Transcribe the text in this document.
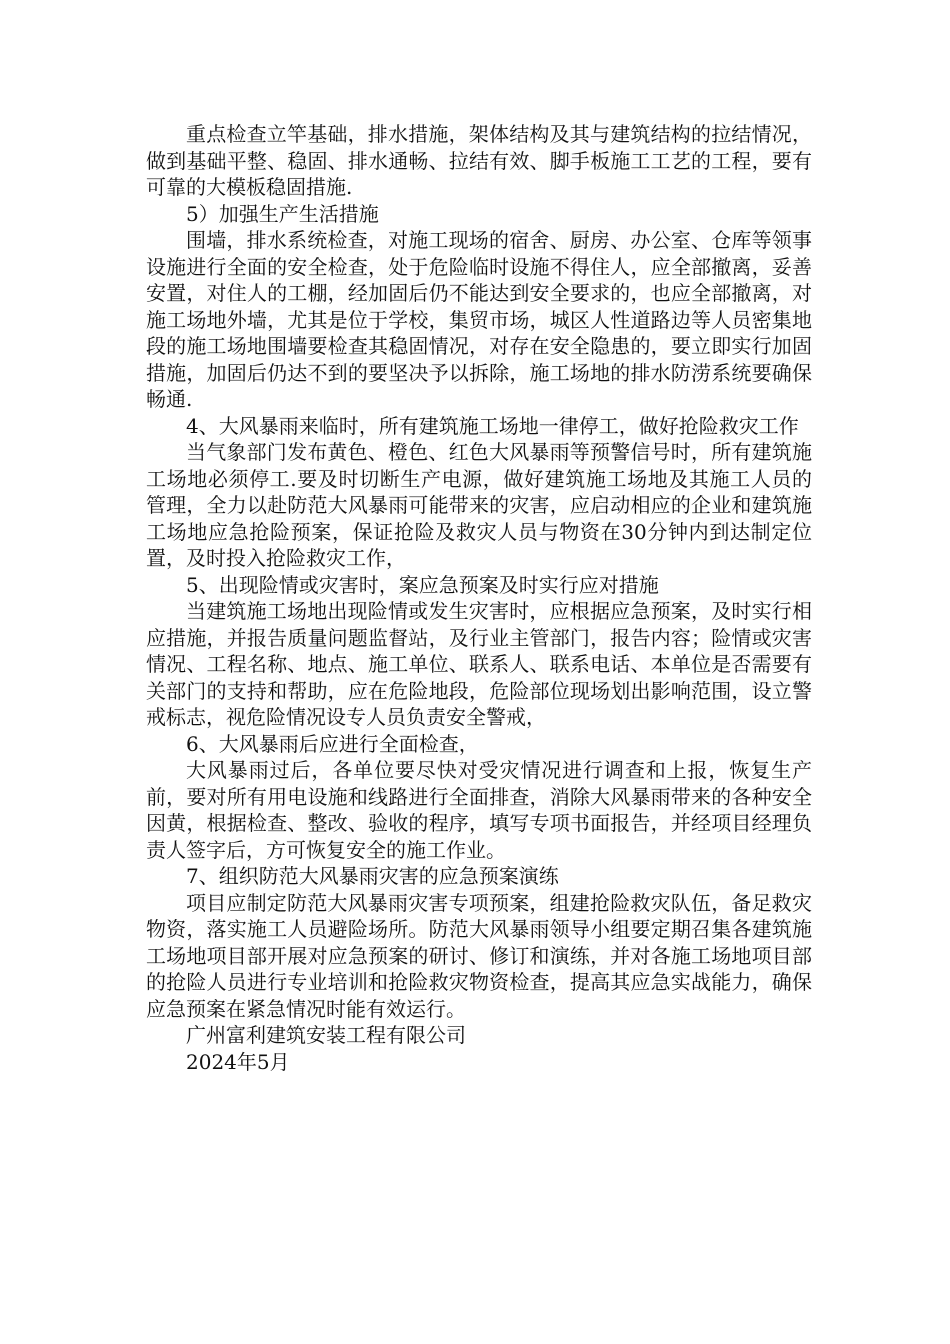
重点检查立竿基础，排水措施，架体结构及其与建筑结构的拉结情况，做到基础平整、稳固、排水通畅、拉结有效、脚手板施工工艺的工程，要有可靠的大模板稳固措施.

5）加强生产生活措施

围墙，排水系统检查，对施工现场的宿舍、厨房、办公室、仓库等领事设施进行全面的安全检查，处于危险临时设施不得住人，应全部撤离，妥善安置，对住人的工棚，经加固后仍不能达到安全要求的，也应全部撤离，对施工场地外墙，尤其是位于学校，集贸市场，城区人性道路边等人员密集地段的施工场地围墙要检查其稳固情况，对存在安全隐患的，要立即实行加固措施，加固后仍达不到的要坚决予以拆除，施工场地的排水防涝系统要确保畅通.

4、大风暴雨来临时，所有建筑施工场地一律停工，做好抢险救灾工作

当气象部门发布黄色、橙色、红色大风暴雨等预警信号时，所有建筑施工场地必须停工.要及时切断生产电源，做好建筑施工场地及其施工人员的管理，全力以赴防范大风暴雨可能带来的灾害，应启动相应的企业和建筑施工场地应急抢险预案，保证抢险及救灾人员与物资在30分钟内到达制定位置，及时投入抢险救灾工作，

5、出现险情或灾害时，案应急预案及时实行应对措施

当建筑施工场地出现险情或发生灾害时，应根据应急预案，及时实行相应措施，并报告质量问题监督站，及行业主管部门，报告内容；险情或灾害情况、工程名称、地点、施工单位、联系人、联系电话、本单位是否需要有关部门的支持和帮助，应在危险地段，危险部位现场划出影响范围，设立警戒标志，视危险情况设专人员负责安全警戒，

6、大风暴雨后应进行全面检查，

大风暴雨过后，各单位要尽快对受灾情况进行调查和上报，恢复生产前，要对所有用电设施和线路进行全面排查，消除大风暴雨带来的各种安全因黄，根据检查、整改、验收的程序，填写专项书面报告，并经项目经理负责人签字后，方可恢复安全的施工作业。

7、组织防范大风暴雨灾害的应急预案演练

项目应制定防范大风暴雨灾害专项预案，组建抢险救灾队伍，备足救灾物资，落实施工人员避险场所。防范大风暴雨领导小组要定期召集各建筑施工场地项目部开展对应急预案的研讨、修订和演练，并对各施工场地项目部的抢险人员进行专业培训和抢险救灾物资检查，提高其应急实战能力，确保应急预案在紧急情况时能有效运行。

广州富利建筑安装工程有限公司

2024年5月
